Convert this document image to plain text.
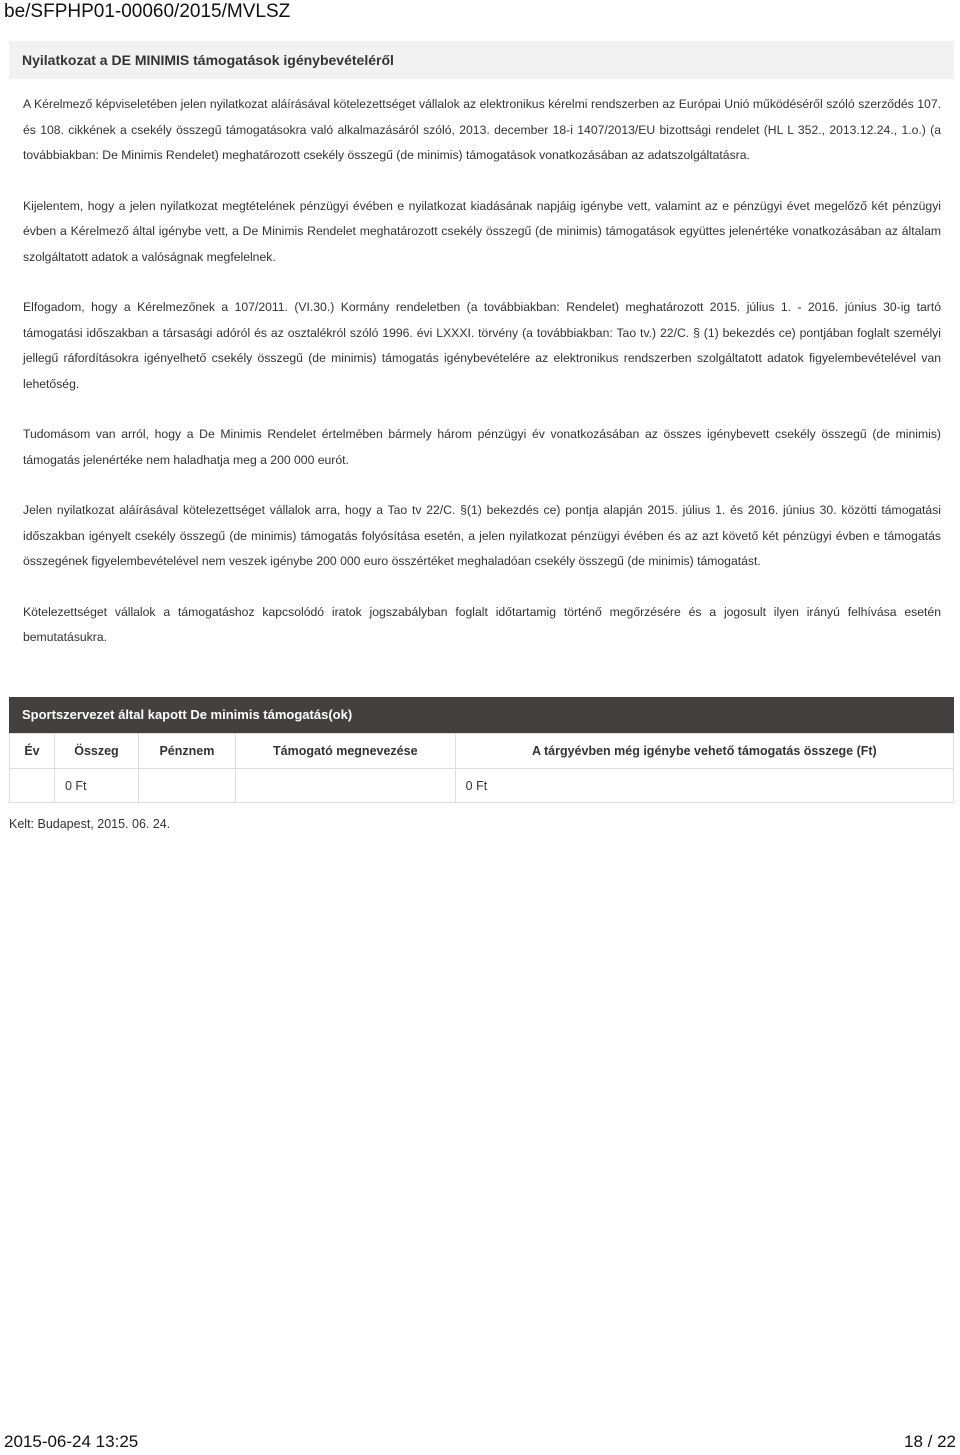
be/SFPHP01-00060/2015/MVLSZ
Nyilatkozat a DE MINIMIS támogatások igénybevételéről

A Kérelmező képviseletében jelen nyilatkozat aláírásával kötelezettséget vállalok az elektronikus kérelmi rendszerben az Európai Unió működéséről szóló szerződés 107. és 108. cikkének a csekély összegű támogatásokra való alkalmazásáról szóló, 2013. december 18-i 1407/2013/EU bizottsági rendelet (HL L 352., 2013.12.24., 1.o.) (a továbbiakban: De Minimis Rendelet) meghatározott csekély összegű (de minimis) támogatások vonatkozásában az adatszolgáltatásra.

Kijelentem, hogy a jelen nyilatkozat megtételének pénzügyi évében e nyilatkozat kiadásának napjáig igénybe vett, valamint az e pénzügyi évet megelőző két pénzügyi évben a Kérelmező által igénybe vett, a De Minimis Rendelet meghatározott csekély összegű (de minimis) támogatások együttes jelenértéke vonatkozásában az általam szolgáltatott adatok a valóságnak megfelelnek.

Elfogadom, hogy a Kérelmezőnek a 107/2011. (VI.30.) Kormány rendeletben (a továbbiakban: Rendelet) meghatározott 2015. július 1. - 2016. június 30-ig tartó támogatási időszakban a társasági adóról és az osztalékról szóló 1996. évi LXXXI. törvény (a továbbiakban: Tao tv.) 22/C. § (1) bekezdés ce) pontjában foglalt személyi jellegű ráfordításokra igényelhető csekély összegű (de minimis) támogatás igénybevételére az elektronikus rendszerben szolgáltatott adatok figyelembevételével van lehetőség.

Tudomásom van arról, hogy a De Minimis Rendelet értelmében bármely három pénzügyi év vonatkozásában az összes igénybevett csekély összegű (de minimis) támogatás jelenértéke nem haladhatja meg a 200 000 eurót.

Jelen nyilatkozat aláírásával kötelezettséget vállalok arra, hogy a Tao tv 22/C. §(1) bekezdés ce) pontja alapján 2015. július 1. és 2016. június 30. közötti támogatási időszakban igényelt csekély összegű (de minimis) támogatás folyósítása esetén, a jelen nyilatkozat pénzügyi évében és az azt követő két pénzügyi évben e támogatás összegének figyelembevételével nem veszek igénybe 200 000 euro összértéket meghaladóan csekély összegű (de minimis) támogatást.

Kötelezettséget vállalok a támogatáshoz kapcsolódó iratok jogszabályban foglalt időtartamig történő megőrzésére és a jogosult ilyen irányú felhívása esetén bemutatásukra.

Sportszervezet által kapott De minimis támogatás(ok)
Év	Összeg	Pénznem	Támogató megnevezése	A tárgyévben még igénybe vehető támogatás összege (Ft)
	0 Ft			0 Ft
Kelt: Budapest, 2015. 06. 24.
2015-06-24 13:25	18 / 22
